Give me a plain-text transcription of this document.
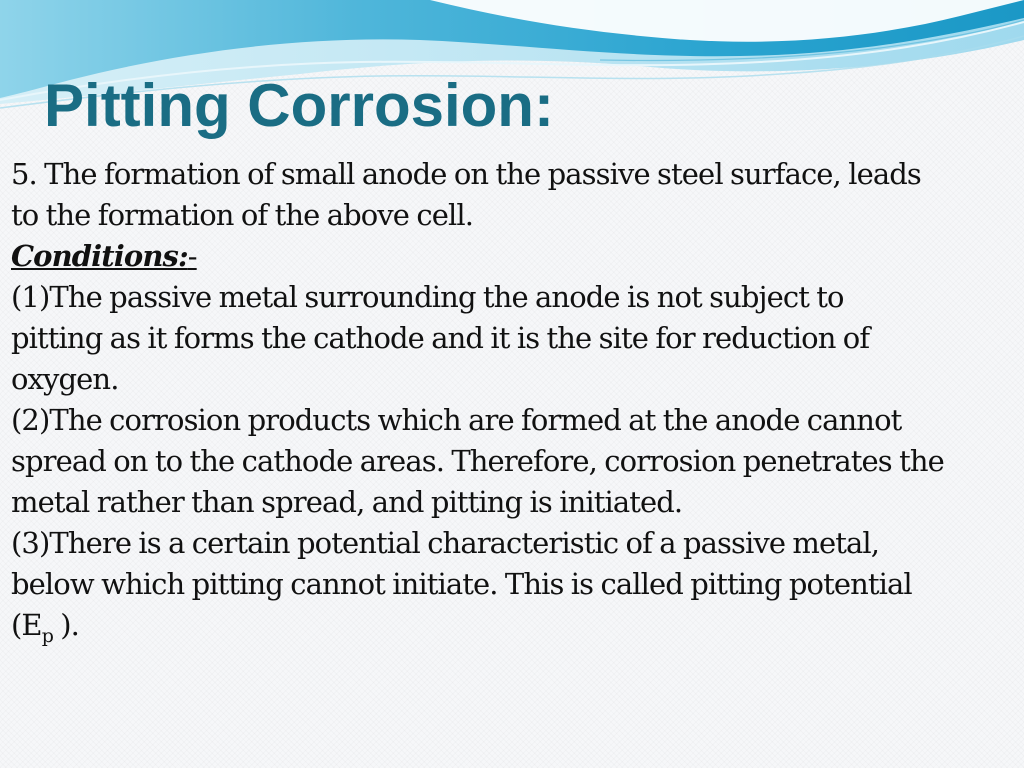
Pitting Corrosion:

5. The formation of small anode on the passive steel surface, leads
to the formation of the above cell.

Conditions:-

(1)The passive metal surrounding the anode is not subject to
pitting as it forms the cathode and it is the site for reduction of
oxygen.

(2)The corrosion products which are formed at the anode cannot
spread on to the cathode areas. Therefore, corrosion penetrates the
metal rather than spread, and pitting is initiated.

(3)There is a certain potential characteristic of a passive metal,
below which pitting cannot initiate. This is called pitting potential
($E_p$ ).
